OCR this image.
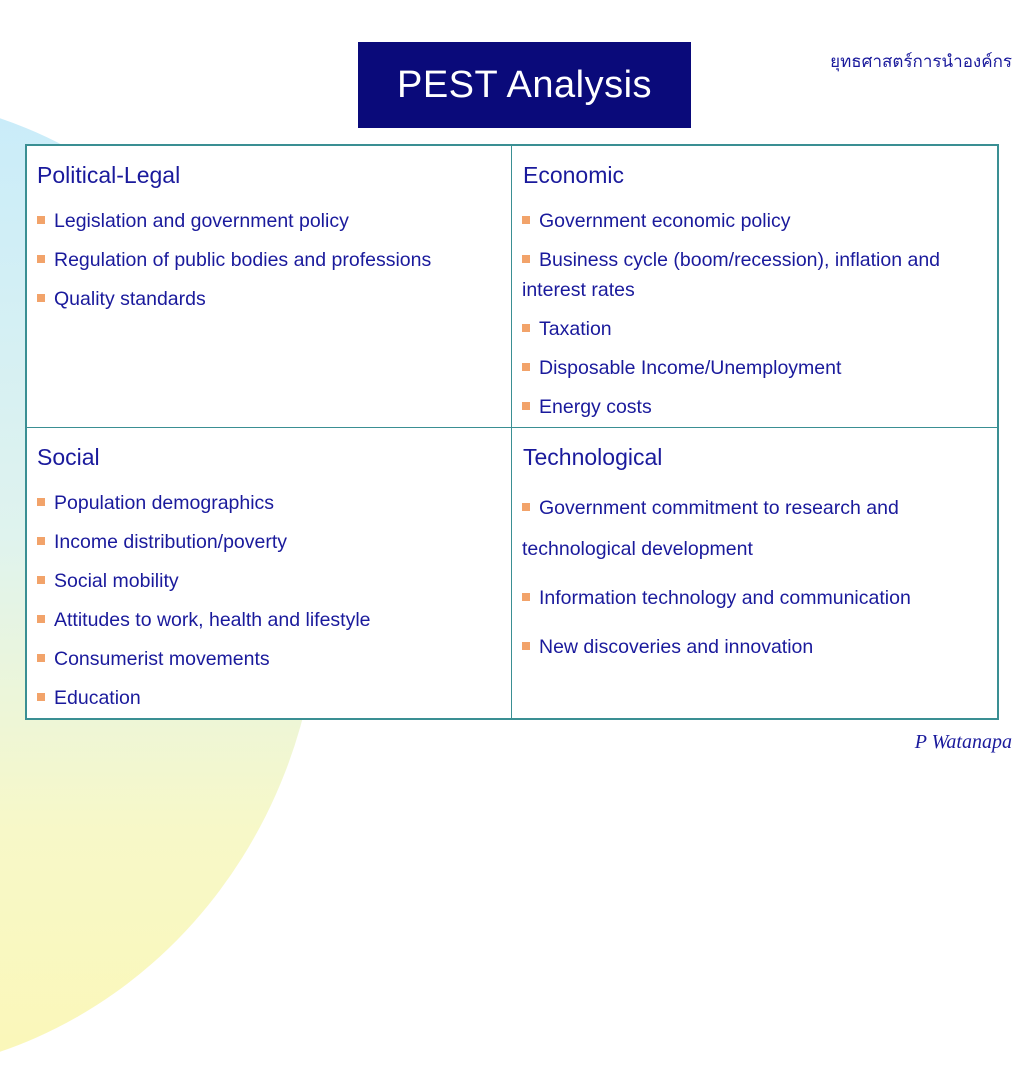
PEST Analysis
ยุทธศาสตร์การนำองค์กร
Political-Legal
Legislation and government policy
Regulation of public bodies and professions
Quality standards
Economic
Government economic policy
Business cycle (boom/recession), inflation and interest rates
Taxation
Disposable Income/Unemployment
Energy costs
Social
Population demographics
Income distribution/poverty
Social mobility
Attitudes to work, health and lifestyle
Consumerist movements
Education
Technological
Government commitment to research and technological development
Information technology and communication
New discoveries and innovation
P Watanapa
